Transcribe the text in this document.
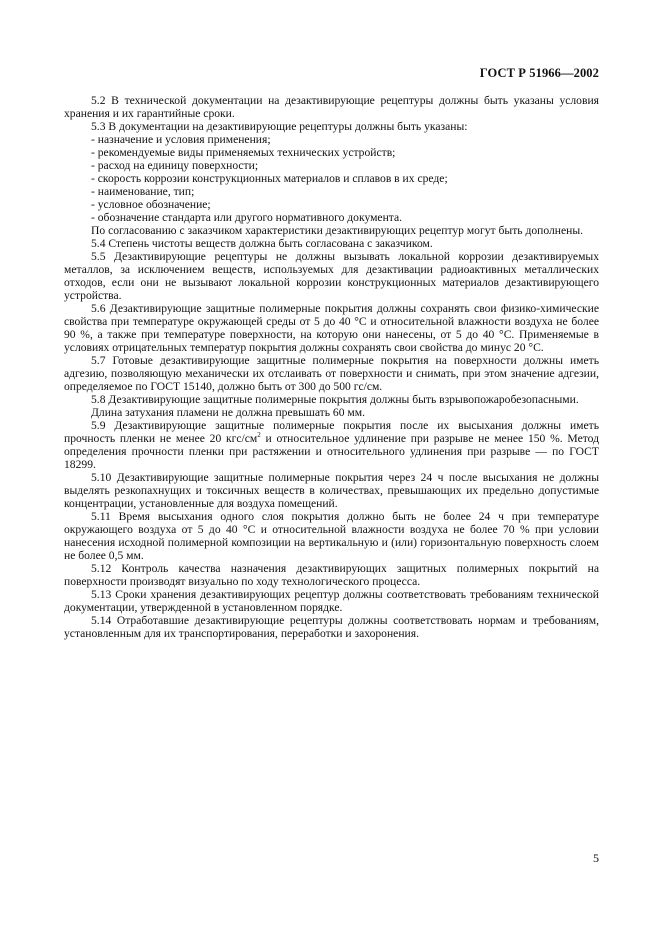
ГОСТ Р 51966—2002

5.2 В технической документации на дезактивирующие рецептуры должны быть указаны условия хранения и их гарантийные сроки.

5.3 В документации на дезактивирующие рецептуры должны быть указаны:

- назначение и условия применения;

- рекомендуемые виды применяемых технических устройств;

- расход на единицу поверхности;

- скорость коррозии конструкционных материалов и сплавов в их среде;

- наименование, тип;

- условное обозначение;

- обозначение стандарта или другого нормативного документа.

По согласованию с заказчиком характеристики дезактивирующих рецептур могут быть дополнены.

5.4 Степень чистоты веществ должна быть согласована с заказчиком.

5.5 Дезактивирующие рецептуры не должны вызывать локальной коррозии дезактивируемых металлов, за исключением веществ, используемых для дезактивации радиоактивных металлических отходов, если они не вызывают локальной коррозии конструкционных материалов дезактивирующего устройства.

5.6 Дезактивирующие защитные полимерные покрытия должны сохранять свои физико-химические свойства при температуре окружающей среды от 5 до 40 °С и относительной влажности воздуха не более 90 %, а также при температуре поверхности, на которую они нанесены, от 5 до 40 °С. Применяемые в условиях отрицательных температур покрытия должны сохранять свои свойства до минус 20 °С.

5.7 Готовые дезактивирующие защитные полимерные покрытия на поверхности должны иметь адгезию, позволяющую механически их отслаивать от поверхности и снимать, при этом значение адгезии, определяемое по ГОСТ 15140, должно быть от 300 до 500 гс/см.

5.8 Дезактивирующие защитные полимерные покрытия должны быть взрывопожаробезопасными.

Длина затухания пламени не должна превышать 60 мм.

5.9 Дезактивирующие защитные полимерные покрытия после их высыхания должны иметь прочность пленки не менее 20 кгс/$см^2$ и относительное удлинение при разрыве не менее 150 %. Метод определения прочности пленки при растяжении и относительного удлинения при разрыве — по ГОСТ 18299.

5.10 Дезактивирующие защитные полимерные покрытия через 24 ч после высыхания не должны выделять резкопахнущих и токсичных веществ в количествах, превышающих их предельно допустимые концентрации, установленные для воздуха помещений.

5.11 Время высыхания одного слоя покрытия должно быть не более 24 ч при температуре окружающего воздуха от 5 до 40 °С и относительной влажности воздуха не более 70 % при условии нанесения исходной полимерной композиции на вертикальную и (или) горизонтальную поверхность слоем не более 0,5 мм.

5.12 Контроль качества назначения дезактивирующих защитных полимерных покрытий на поверхности производят визуально по ходу технологического процесса.

5.13 Сроки хранения дезактивирующих рецептур должны соответствовать требованиям технической документации, утвержденной в установленном порядке.

5.14 Отработавшие дезактивирующие рецептуры должны соответствовать нормам и требованиям, установленным для их транспортирования, переработки и захоронения.

5
